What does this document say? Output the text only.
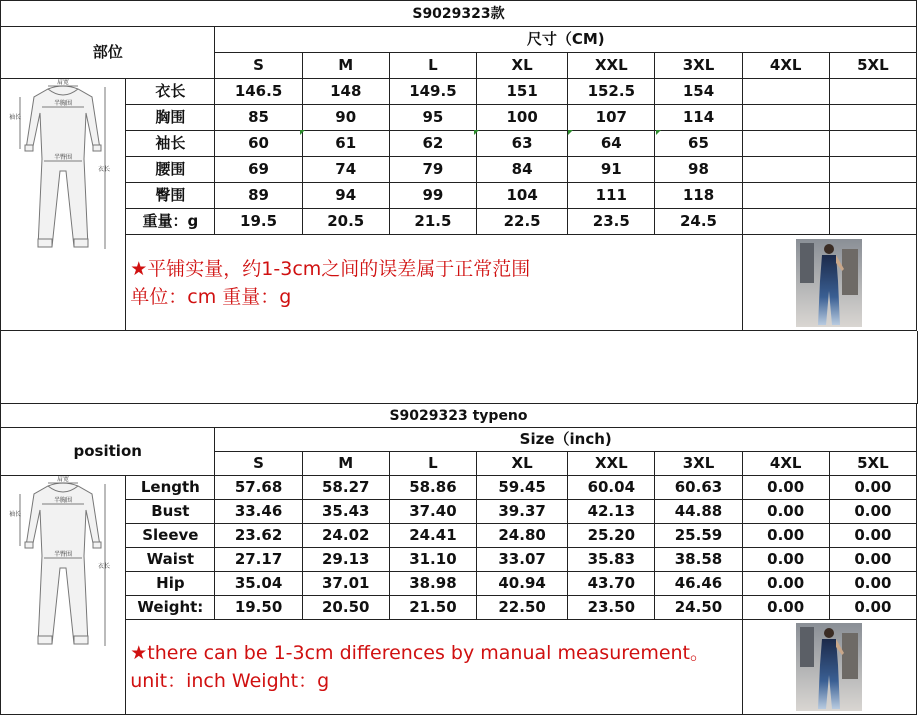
S9029323款									
部位		尺寸（CM)							
		S	M	L	XL	XXL	3XL	4XL	5XL

肩宽
半胸围
袖长
半臀围
衣长	衣长	146.5	148	149.5	151	152.5	154		
	胸围	85	90	95	100	107	114		
	袖长	60	61	62	63	64	65		
	腰围	69	74	79	84	91	98		
	臀围	89	94	99	104	111	118		
	重量：g	19.5	20.5	21.5	22.5	23.5	24.5		

	★平铺实量，约1-3cm之间的误差属于正常范围
单位：cm 重量：g

S9029323 typeno									
position		Size（inch)							
		S	M	L	XL	XXL	3XL	4XL	5XL

肩宽
半胸围
袖长
半臀围
衣长	Length	57.68	58.27	58.86	59.45	60.04	60.63	0.00	0.00
	Bust	33.46	35.43	37.40	39.37	42.13	44.88	0.00	0.00
	Sleeve	23.62	24.02	24.41	24.80	25.20	25.59	0.00	0.00
	Waist	27.17	29.13	31.10	33.07	35.83	38.58	0.00	0.00
	Hip	35.04	37.01	38.98	40.94	43.70	46.46	0.00	0.00
	Weight:	19.50	20.50	21.50	22.50	23.50	24.50	0.00	0.00

	★there can be 1-3cm differences by manual measurement。
unit：inch Weight：g
